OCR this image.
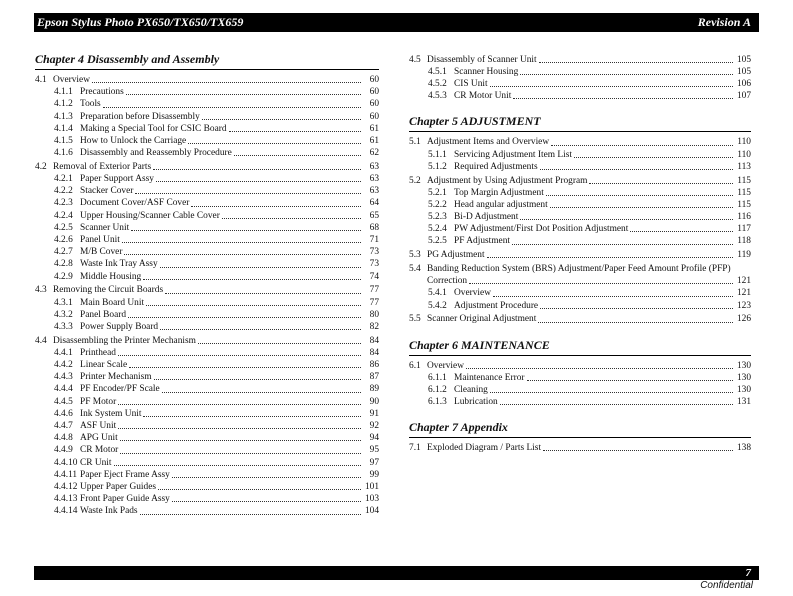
Epson Stylus Photo PX650/TX650/TX659	Revision A
Chapter 4 Disassembly and Assembly
4.1 Overview	60
4.1.1 Precautions	60
4.1.2 Tools	60
4.1.3 Preparation before Disassembly	60
4.1.4 Making a Special Tool for CSIC Board	61
4.1.5 How to Unlock the Carriage	61
4.1.6 Disassembly and Reassembly Procedure	62
4.2 Removal of Exterior Parts	63
4.2.1 Paper Support Assy	63
4.2.2 Stacker Cover	63
4.2.3 Document Cover/ASF Cover	64
4.2.4 Upper Housing/Scanner Cable Cover	65
4.2.5 Scanner Unit	68
4.2.6 Panel Unit	71
4.2.7 M/B Cover	73
4.2.8 Waste Ink Tray Assy	73
4.2.9 Middle Housing	74
4.3 Removing the Circuit Boards	77
4.3.1 Main Board Unit	77
4.3.2 Panel Board	80
4.3.3 Power Supply Board	82
4.4 Disassembling the Printer Mechanism	84
4.4.1 Printhead	84
4.4.2 Linear Scale	86
4.4.3 Printer Mechanism	87
4.4.4 PF Encoder/PF Scale	89
4.4.5 PF Motor	90
4.4.6 Ink System Unit	91
4.4.7 ASF Unit	92
4.4.8 APG Unit	94
4.4.9 CR Motor	95
4.4.10 CR Unit	97
4.4.11 Paper Eject Frame Assy	99
4.4.12 Upper Paper Guides	101
4.4.13 Front Paper Guide Assy	103
4.4.14 Waste Ink Pads	104
4.5 Disassembly of Scanner Unit	105
4.5.1 Scanner Housing	105
4.5.2 CIS Unit	106
4.5.3 CR Motor Unit	107
Chapter 5 ADJUSTMENT
5.1 Adjustment Items and Overview	110
5.1.1 Servicing Adjustment Item List	110
5.1.2 Required Adjustments	113
5.2 Adjustment by Using Adjustment Program	115
5.2.1 Top Margin Adjustment	115
5.2.2 Head angular adjustment	115
5.2.3 Bi-D Adjustment	116
5.2.4 PW Adjustment/First Dot Position Adjustment	117
5.2.5 PF Adjustment	118
5.3 PG Adjustment	119
5.4 Banding Reduction System (BRS) Adjustment/Paper Feed Amount Profile (PFP)
Correction	121
5.4.1 Overview	121
5.4.2 Adjustment Procedure	123
5.5 Scanner Original Adjustment	126
Chapter 6 MAINTENANCE
6.1 Overview	130
6.1.1 Maintenance Error	130
6.1.2 Cleaning	130
6.1.3 Lubrication	131
Chapter 7 Appendix
7.1 Exploded Diagram / Parts List	138
7
Confidential
